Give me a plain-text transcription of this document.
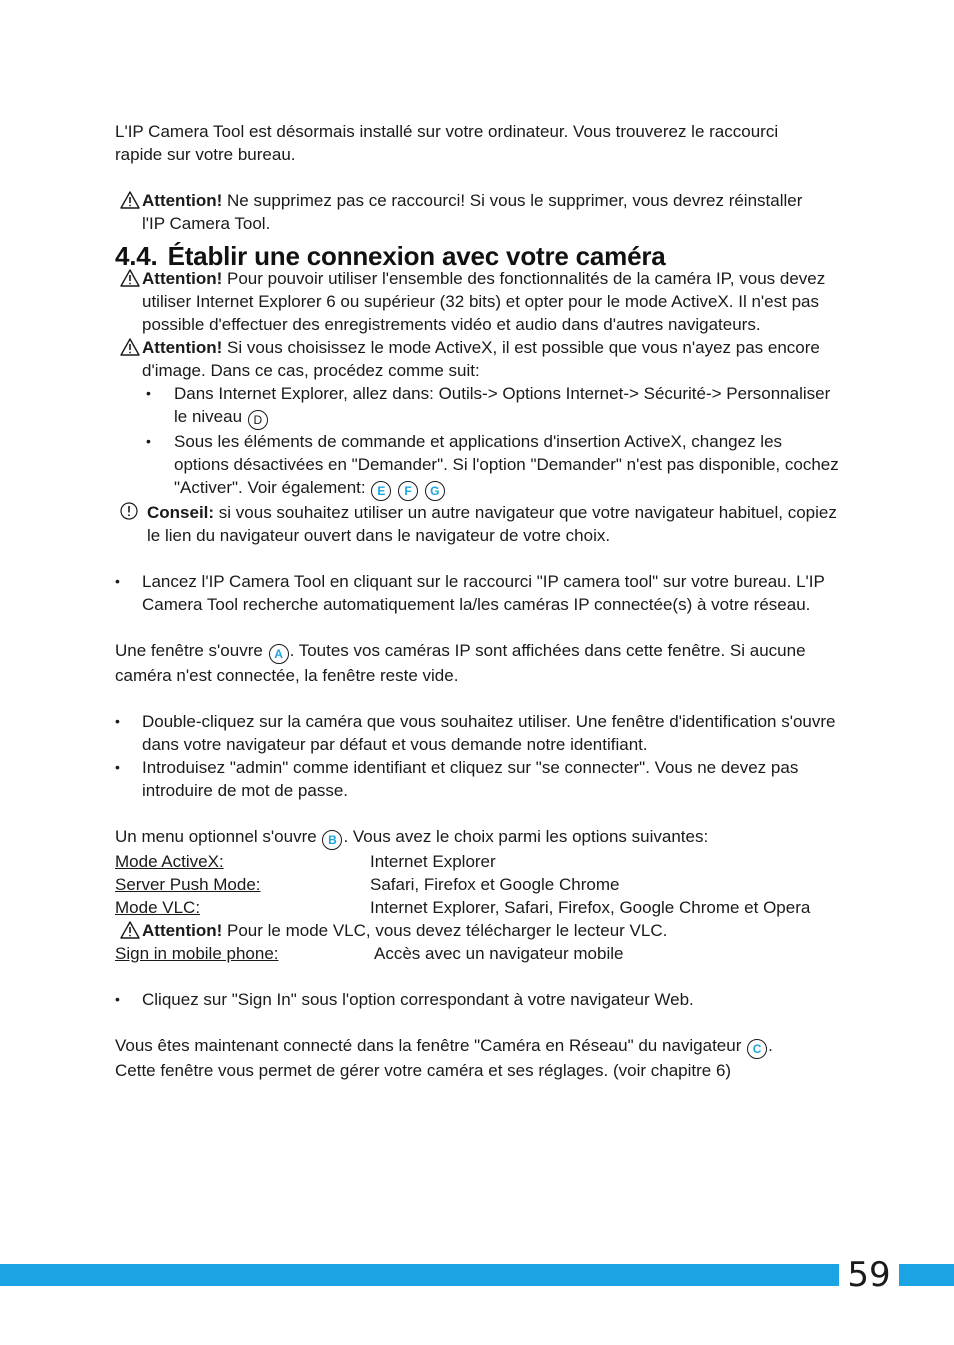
L'IP Camera Tool est désormais installé sur votre ordinateur. Vous trouverez le raccourci
rapide sur votre bureau.

Attention! Ne supprimez pas ce raccourci! Si vous le supprimer, vous devrez réinstaller
l'IP Camera Tool.

4.4. Établir une connexion avec votre caméra

Attention! Pour pouvoir utiliser l'ensemble des fonctionnalités de la caméra IP, vous devez utiliser Internet Explorer 6 ou supérieur (32 bits) et opter pour le mode ActiveX. Il n'est pas possible d'effectuer des enregistrements vidéo et audio dans d'autres navigateurs.

Attention! Si vous choisissez le mode ActiveX, il est possible que vous n'ayez pas encore d'image. Dans ce cas, procédez comme suit:

• Dans Internet Explorer, allez dans: Outils-> Options Internet-> Sécurité-> Personnaliser le niveau D
• Sous les éléments de commande et applications d'insertion ActiveX, changez les options désactivées en "Demander". Si l'option "Demander" n'est pas disponible, cochez "Activer". Voir également: E F G

Conseil: si vous souhaitez utiliser un autre navigateur que votre navigateur habituel, copiez le lien du navigateur ouvert dans le navigateur de votre choix.

• Lancez l'IP Camera Tool en cliquant sur le raccourci "IP camera tool" sur votre bureau. L'IP Camera Tool recherche automatiquement la/les caméras IP connectée(s) à votre réseau.

Une fenêtre s'ouvre A . Toutes vos caméras IP sont affichées dans cette fenêtre. Si aucune caméra n'est connectée, la fenêtre reste vide.

• Double-cliquez sur la caméra que vous souhaitez utiliser. Une fenêtre d'identification s'ouvre dans votre navigateur par défaut et vous demande notre identifiant.
• Introduisez "admin" comme identifiant et cliquez sur "se connecter". Vous ne devez pas introduire de mot de passe.

Un menu optionnel s'ouvre B . Vous avez le choix parmi les options suivantes:

Mode ActiveX:	Internet Explorer
Server Push Mode:	Safari, Firefox et Google Chrome
Mode VLC:	Internet Explorer, Safari, Firefox, Google Chrome et Opera

Attention! Pour le mode VLC, vous devez télécharger le lecteur VLC.

Sign in mobile phone:	Accès avec un navigateur mobile
• Cliquez sur "Sign In" sous l'option correspondant à votre navigateur Web.

Vous êtes maintenant connecté dans la fenêtre "Caméra en Réseau" du navigateur C .
Cette fenêtre vous permet de gérer votre caméra et ses réglages. (voir chapitre 6)

59
